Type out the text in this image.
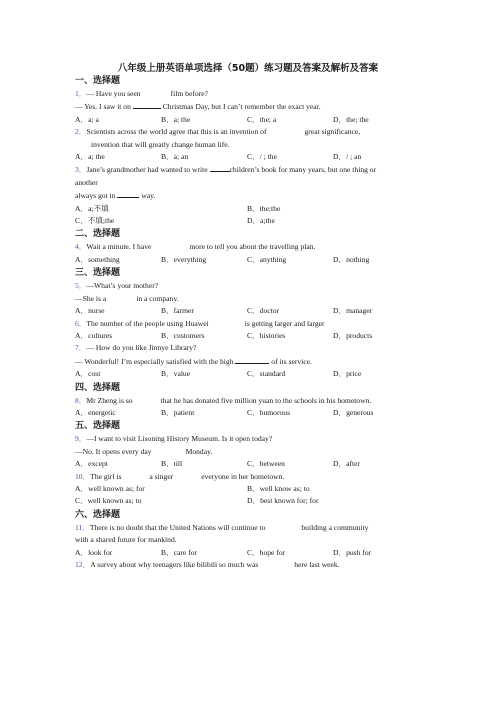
八年级上册英语单项选择（50题）练习题及答案及解析及答案
一、选择题
1．— Have you seen	film before?
— Yes. I saw it on	Christmas Day, but I can’t remember the exact year.
A．a; a	B．a; the	C．the; a	D．the; the
2．Scientists across the world agree that this is an invention of	great significance,
invention that will greatly change human life.
A．a; the	B．a; an	C．/ ; the	D．/ ; an
3．Jane’s grandmother had wanted to write	children’s book for many years, but one thing or
another
always got in	way.
A．a;不填	B．the;the
C．不填;the	D．a;the
二、选择题
4．Wait a minute. I have	more to tell you about the travelling plan.
A．something	B．everything	C．anything	D．nothing
三、选择题
5．—What’s your mother?
—She is a	in a company.
A．nurse	B．farmer	C．doctor	D．manager
6．The number of the people using Huawei	is getting larger and larger
A．cultures	B．customers	C．histories	D．products
7．— How do you like Jinnye Library?
— Wonderful! I’m especially satisfied with the high	of its service.
A．cost	B．value	C．standard	D．price
四、选择题
8．Mr Zheng is so	that he has donated five million yuan to the schools in his hometown.
A．energetic	B．patient	C．humorous	D．generous
五、选择题
9．—I want to visit Lisoning History Museum. Is it open today?
—No. It opens every day	Monday.
A．except	B．till	C．between	D．after
10．The girl is	a singer	everyone in her hometown.
A．well known as; for	B．well know as; to
C．well known as; to	D．best known for; for
六、选择题
11．There is no doubt that the United Nations will continue to	building a community
with a shared future for mankind.
A．look for	B．care for	C．hope for	D．push for
12．A survey about why teenagers like bilibili so much was	here last week.
